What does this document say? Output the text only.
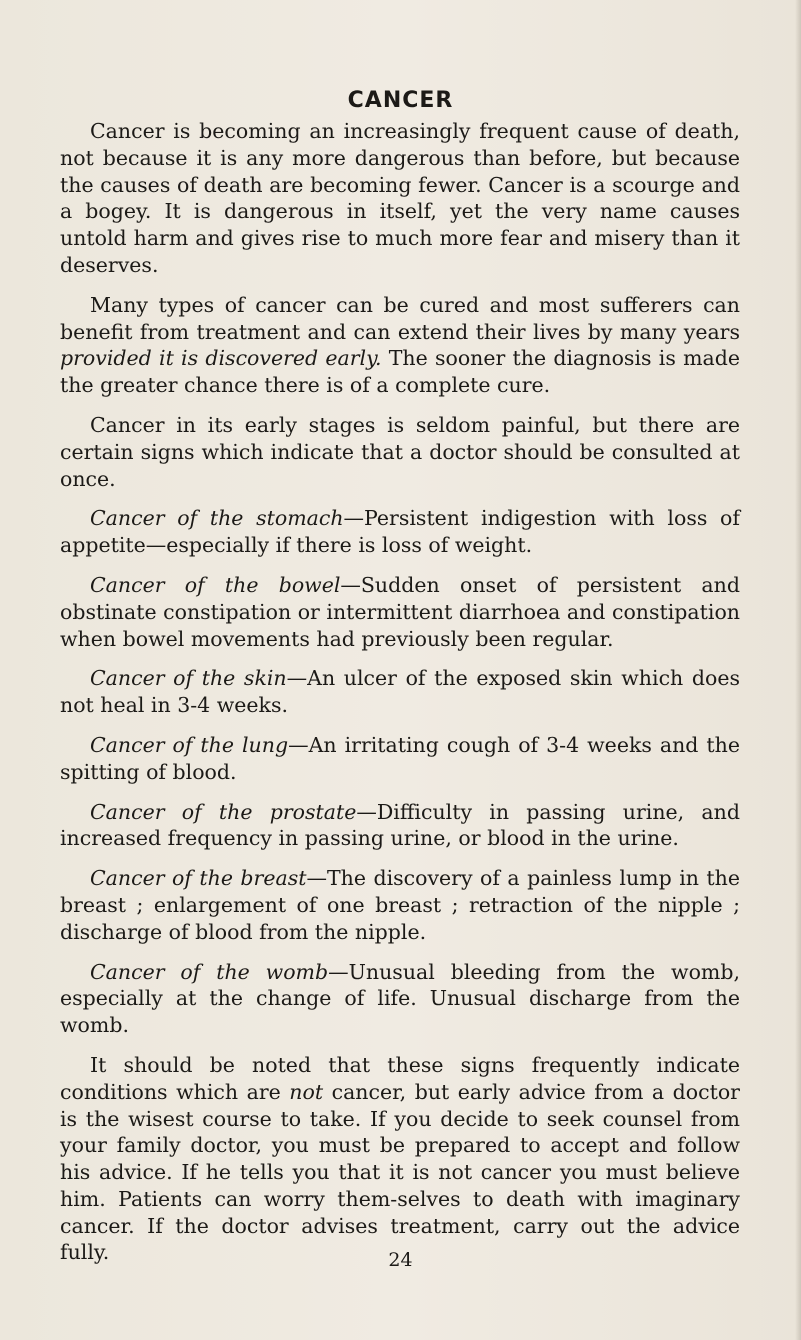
CANCER

Cancer is becoming an increasingly frequent cause of death, not because it is any more dangerous than before, but because the causes of death are becoming fewer. Cancer is a scourge and a bogey. It is dangerous in itself, yet the very name causes untold harm and gives rise to much more fear and misery than it deserves.

Many types of cancer can be cured and most sufferers can benefit from treatment and can extend their lives by many years provided it is discovered early. The sooner the diagnosis is made the greater chance there is of a complete cure.

Cancer in its early stages is seldom painful, but there are certain signs which indicate that a doctor should be consulted at once.

Cancer of the stomach—Persistent indigestion with loss of appetite—especially if there is loss of weight.

Cancer of the bowel—Sudden onset of persistent and obstinate constipation or intermittent diarrhoea and constipation when bowel movements had previously been regular.

Cancer of the skin—An ulcer of the exposed skin which does not heal in 3-4 weeks.

Cancer of the lung—An irritating cough of 3-4 weeks and the spitting of blood.

Cancer of the prostate—Difficulty in passing urine, and increased frequency in passing urine, or blood in the urine.

Cancer of the breast—The discovery of a painless lump in the breast ; enlargement of one breast ; retraction of the nipple ; discharge of blood from the nipple.

Cancer of the womb—Unusual bleeding from the womb, especially at the change of life. Unusual discharge from the womb.

It should be noted that these signs frequently indicate conditions which are not cancer, but early advice from a doctor is the wisest course to take. If you decide to seek counsel from your family doctor, you must be prepared to accept and follow his advice. If he tells you that it is not cancer you must believe him. Patients can worry them-selves to death with imaginary cancer. If the doctor advises treatment, carry out the advice fully.	24
